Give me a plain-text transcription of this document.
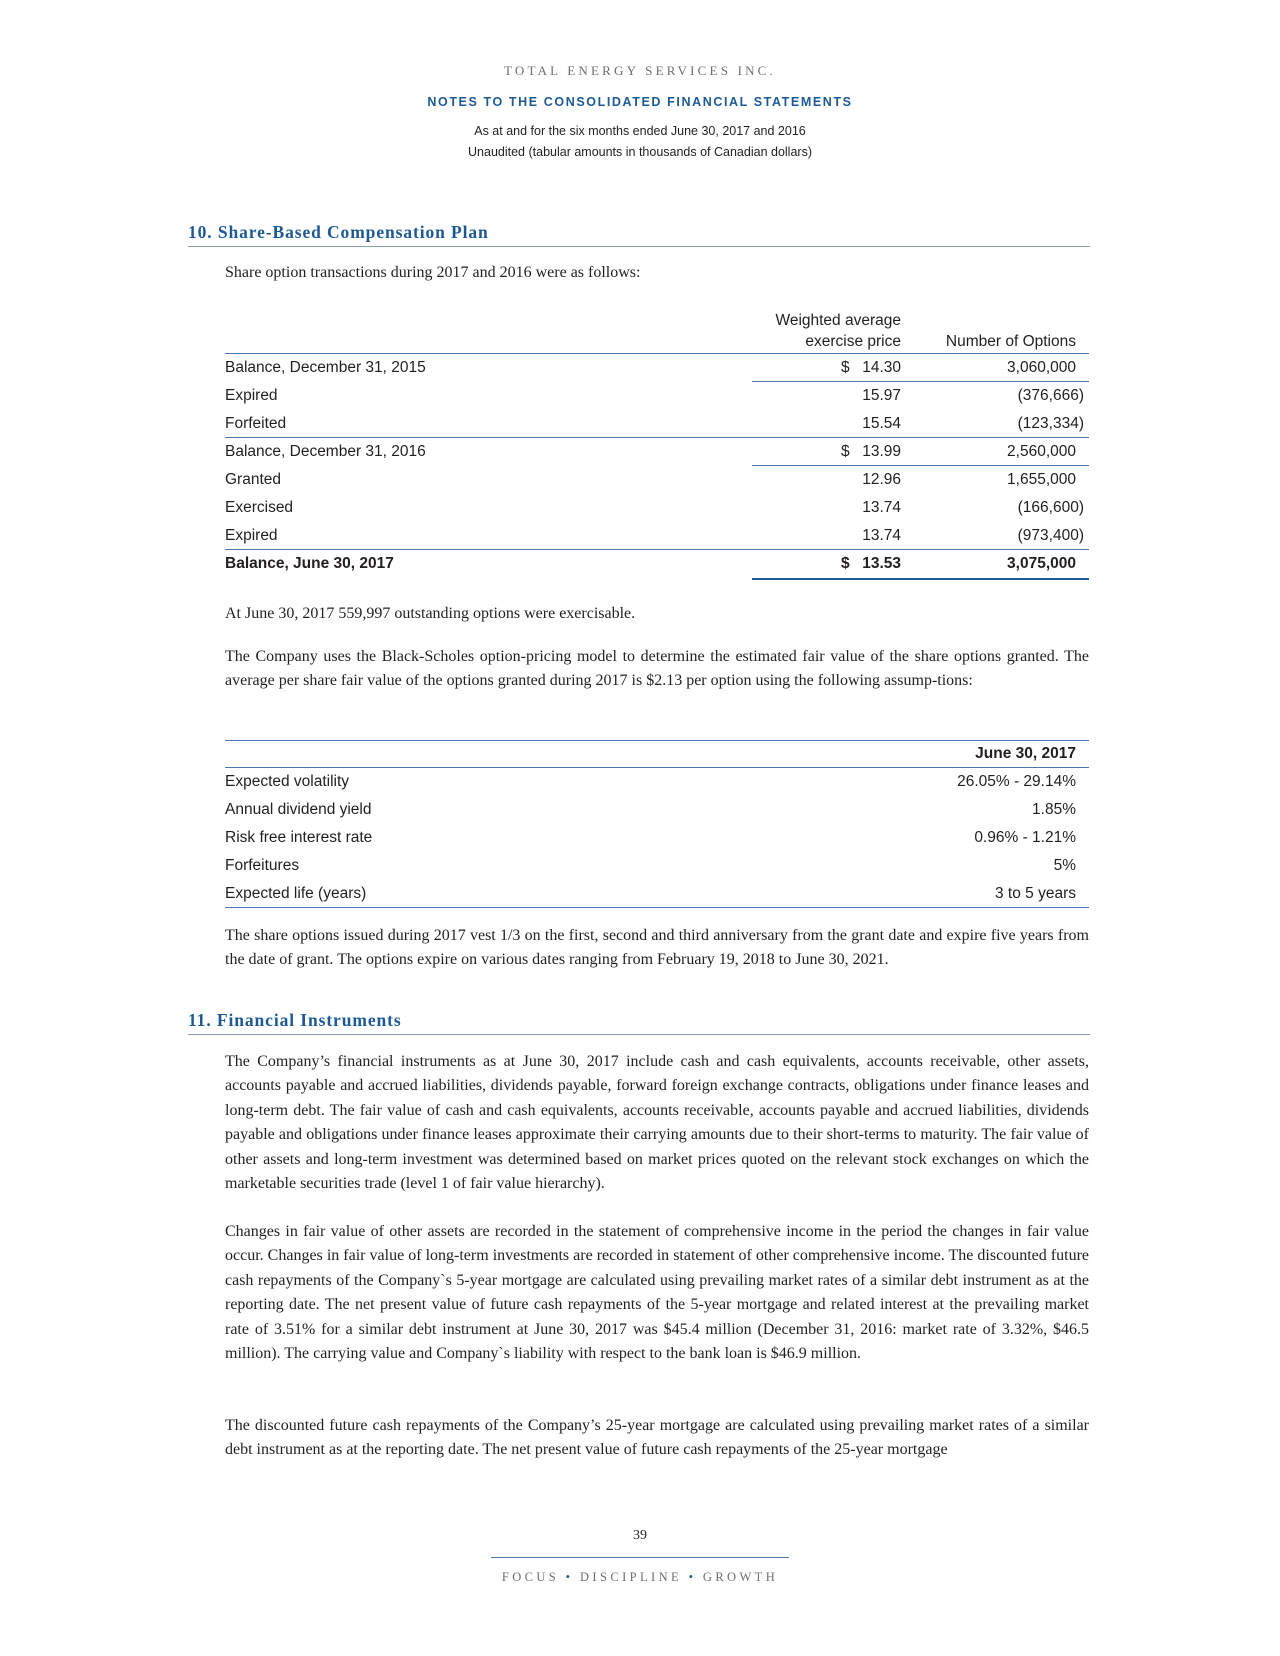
TOTAL ENERGY SERVICES INC.
NOTES TO THE CONSOLIDATED FINANCIAL STATEMENTS
As at and for the six months ended June 30, 2017 and 2016
Unaudited (tabular amounts in thousands of Canadian dollars)
10. Share-Based Compensation Plan

Share option transactions during 2017 and 2016 were as follows:

Weighted average
exercise price	Number of Options
Balance, December 31, 2015	$ 14.30	3,060,000
Expired	15.97	(376,666)
Forfeited	15.54	(123,334)
Balance, December 31, 2016	$ 13.99	2,560,000
Granted	12.96	1,655,000
Exercised	13.74	(166,600)
Expired	13.74	(973,400)
Balance, June 30, 2017	$ 13.53	3,075,000

At June 30, 2017 559,997 outstanding options were exercisable.

The Company uses the Black-Scholes option-pricing model to determine the estimated fair value of the share options granted. The average per share fair value of the options granted during 2017 is $2.13 per option using the following assump-tions:

June 30, 2017
Expected volatility	26.05% - 29.14%
Annual dividend yield	1.85%
Risk free interest rate	0.96% - 1.21%
Forfeitures	5%
Expected life (years)	3 to 5 years

The share options issued during 2017 vest 1/3 on the first, second and third anniversary from the grant date and expire five years from the date of grant. The options expire on various dates ranging from February 19, 2018 to June 30, 2021.

11. Financial Instruments

The Company’s financial instruments as at June 30, 2017 include cash and cash equivalents, accounts receivable, other assets, accounts payable and accrued liabilities, dividends payable, forward foreign exchange contracts, obligations under finance leases and long-term debt. The fair value of cash and cash equivalents, accounts receivable, accounts payable and accrued liabilities, dividends payable and obligations under finance leases approximate their carrying amounts due to their short-terms to maturity. The fair value of other assets and long-term investment was determined based on market prices quoted on the relevant stock exchanges on which the marketable securities trade (level 1 of fair value hierarchy).

Changes in fair value of other assets are recorded in the statement of comprehensive income in the period the changes in fair value occur. Changes in fair value of long-term investments are recorded in statement of other comprehensive income. The discounted future cash repayments of the Company`s 5-year mortgage are calculated using prevailing market rates of a similar debt instrument as at the reporting date. The net present value of future cash repayments of the 5-year mortgage and related interest at the prevailing market rate of 3.51% for a similar debt instrument at June 30, 2017 was $45.4 million (December 31, 2016: market rate of 3.32%, $46.5 million). The carrying value and Company`s liability with respect to the bank loan is $46.9 million.

The discounted future cash repayments of the Company’s 25-year mortgage are calculated using prevailing market rates of a similar debt instrument as at the reporting date. The net present value of future cash repayments of the 25-year mortgage

39
FOCUS • DISCIPLINE • GROWTH
